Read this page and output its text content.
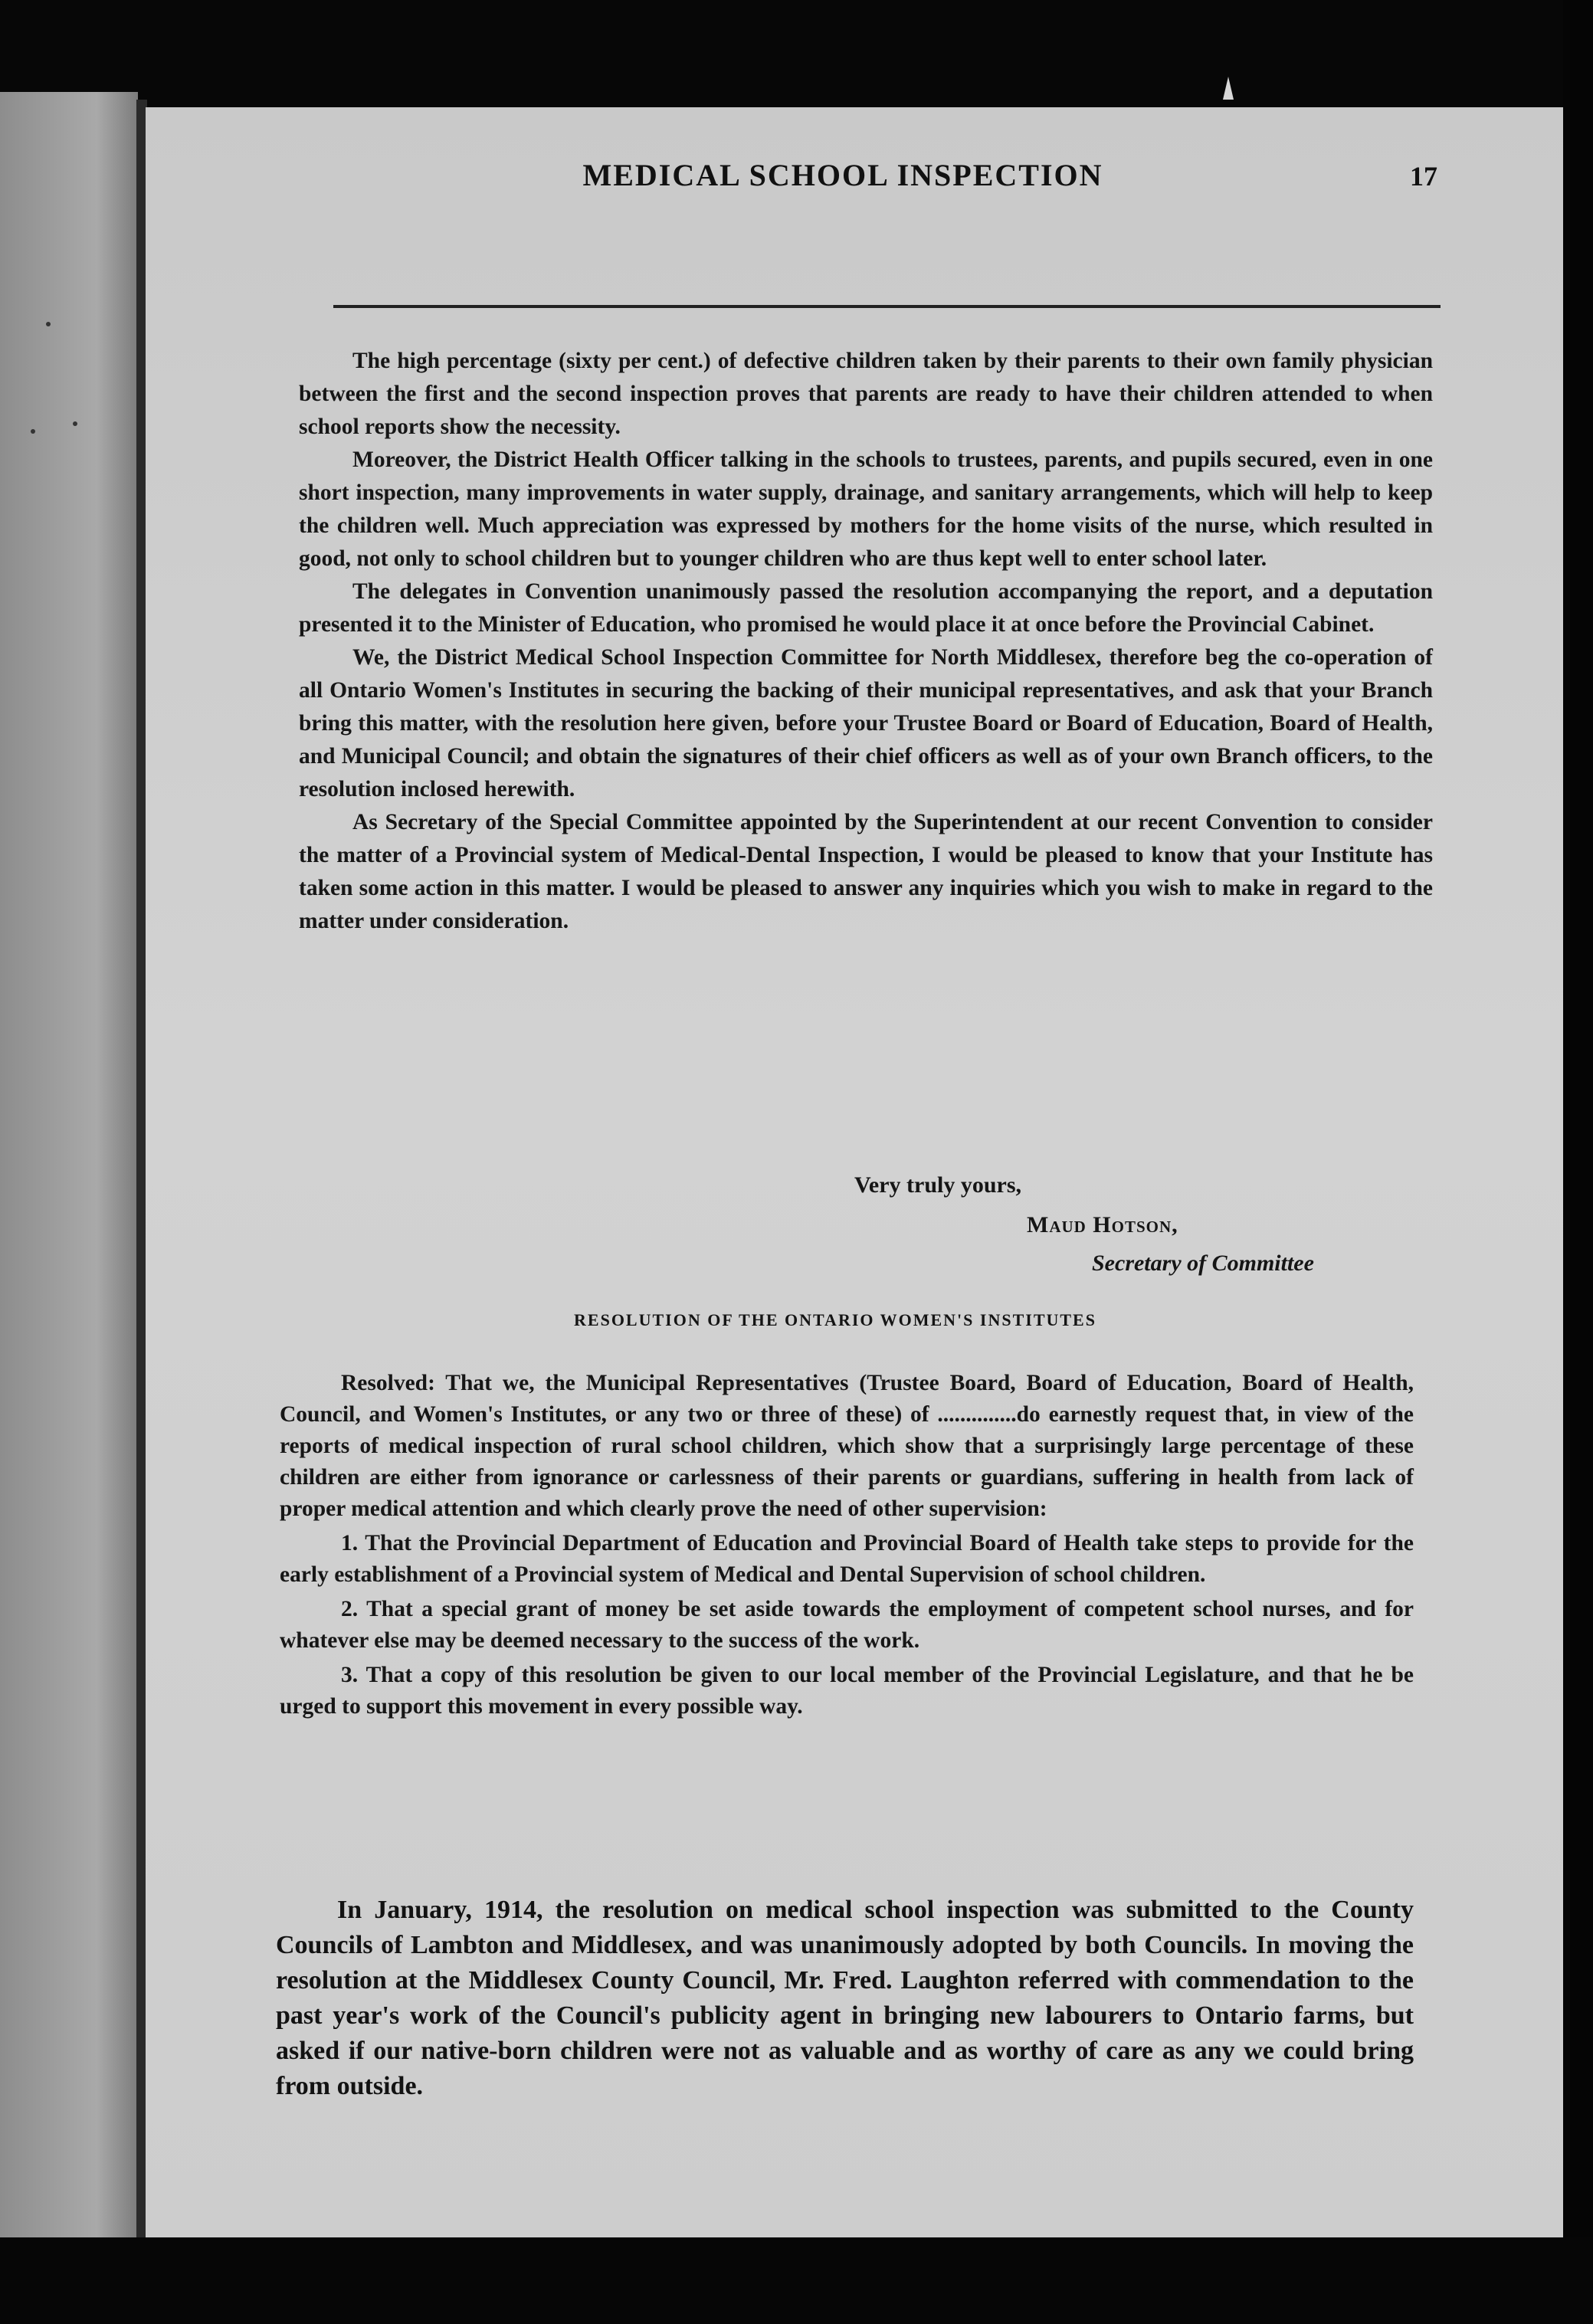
MEDICAL SCHOOL INSPECTION	17

The high percentage (sixty per cent.) of defective children taken by their parents to their own family physician between the first and the second inspection proves that parents are ready to have their children attended to when school reports show the necessity.

Moreover, the District Health Officer talking in the schools to trustees, parents, and pupils secured, even in one short inspection, many improvements in water supply, drainage, and sanitary arrangements, which will help to keep the children well. Much appreciation was expressed by mothers for the home visits of the nurse, which resulted in good, not only to school children but to younger children who are thus kept well to enter school later.

The delegates in Convention unanimously passed the resolution accompanying the report, and a deputation presented it to the Minister of Education, who promised he would place it at once before the Provincial Cabinet.

We, the District Medical School Inspection Committee for North Middlesex, therefore beg the co-operation of all Ontario Women's Institutes in securing the backing of their municipal representatives, and ask that your Branch bring this matter, with the resolution here given, before your Trustee Board or Board of Education, Board of Health, and Municipal Council; and obtain the signatures of their chief officers as well as of your own Branch officers, to the resolution inclosed herewith.

As Secretary of the Special Committee appointed by the Superintendent at our recent Convention to consider the matter of a Provincial system of Medical-Dental Inspection, I would be pleased to know that your Institute has taken some action in this matter. I would be pleased to answer any inquiries which you wish to make in regard to the matter under consideration.

Very truly yours,
Maud Hotson,
Secretary of Committee
RESOLUTION OF THE ONTARIO WOMEN'S INSTITUTES

Resolved: That we, the Municipal Representatives (Trustee Board, Board of Education, Board of Health, Council, and Women's Institutes, or any two or three of these) of ..............do earnestly request that, in view of the reports of medical inspection of rural school children, which show that a surprisingly large percentage of these children are either from ignorance or carlessness of their parents or guardians, suffering in health from lack of proper medical attention and which clearly prove the need of other supervision:

1. That the Provincial Department of Education and Provincial Board of Health take steps to provide for the early establishment of a Provincial system of Medical and Dental Supervision of school children.

2. That a special grant of money be set aside towards the employment of competent school nurses, and for whatever else may be deemed necessary to the success of the work.

3. That a copy of this resolution be given to our local member of the Provincial Legislature, and that he be urged to support this movement in every possible way.

In January, 1914, the resolution on medical school inspection was submitted to the County Councils of Lambton and Middlesex, and was unanimously adopted by both Councils. In moving the resolution at the Middlesex County Council, Mr. Fred. Laughton referred with commendation to the past year's work of the Council's publicity agent in bringing new labourers to Ontario farms, but asked if our native-born children were not as valuable and as worthy of care as any we could bring from outside.
